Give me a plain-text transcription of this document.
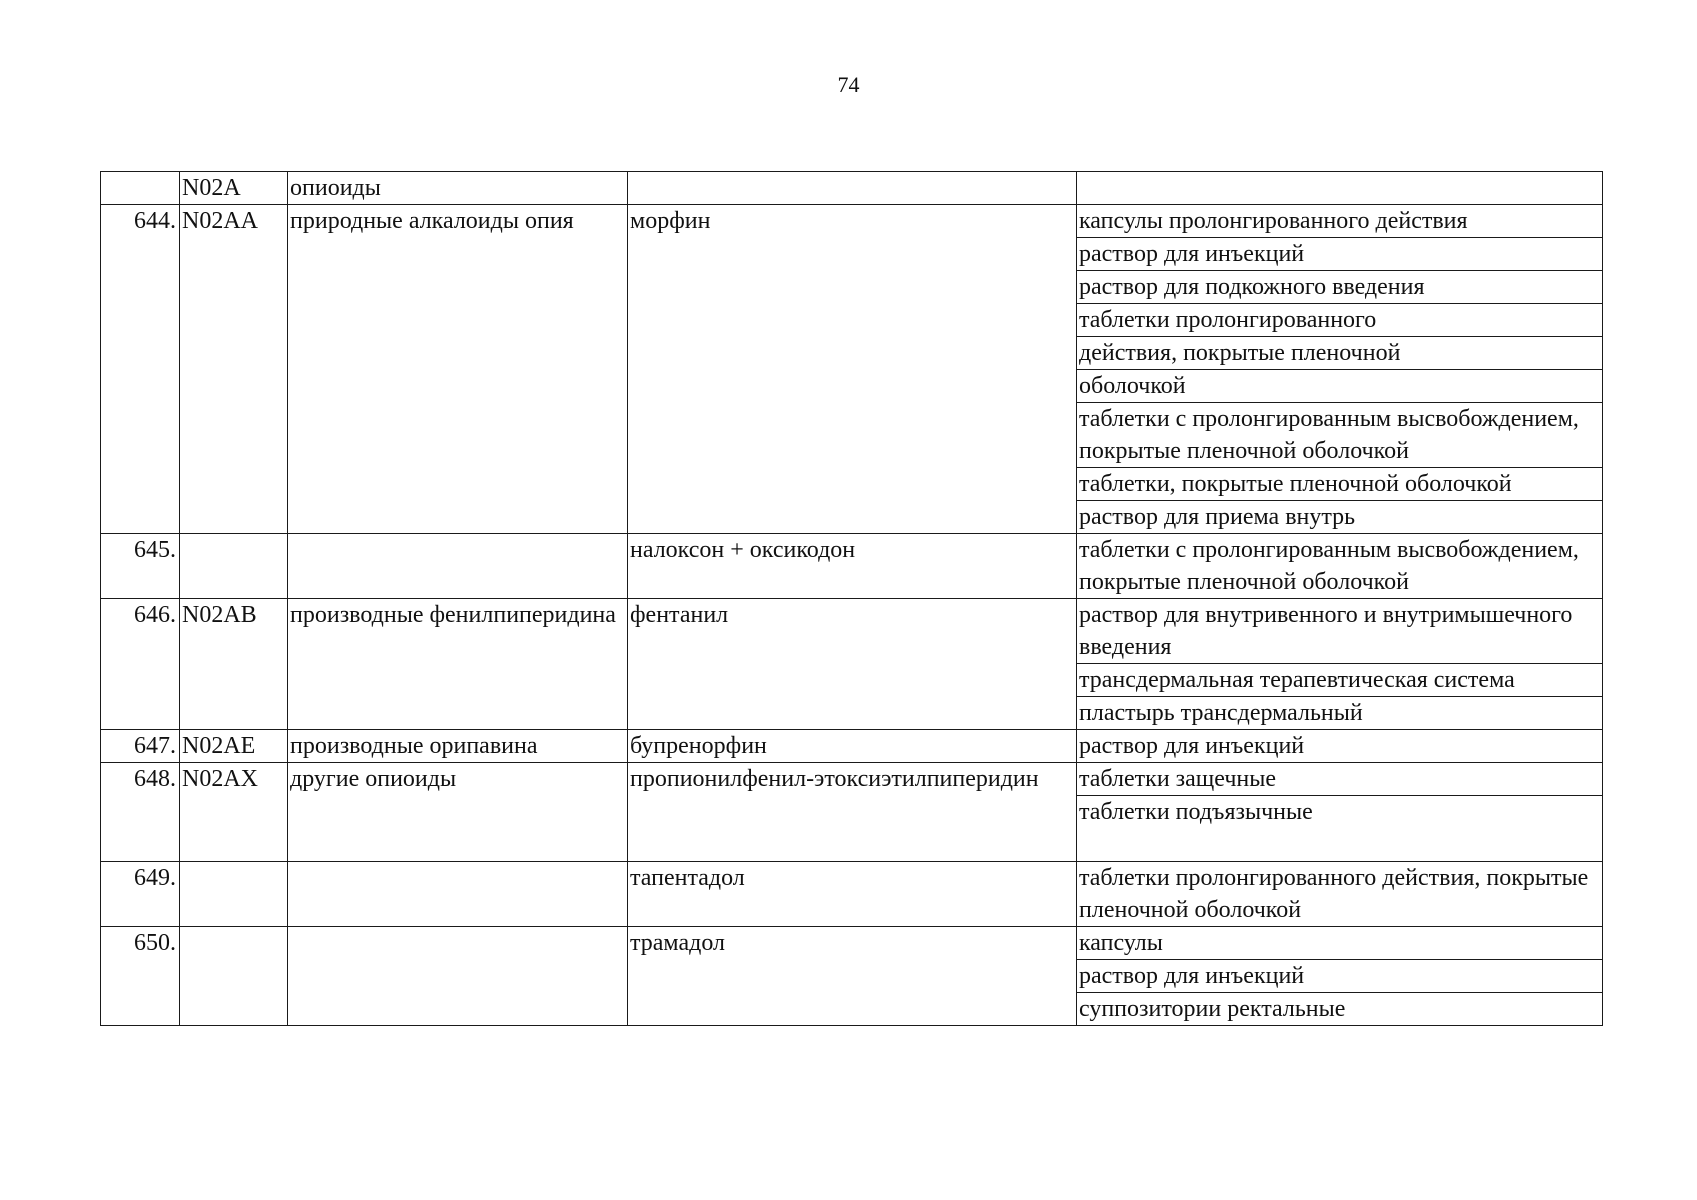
74
	N02A	опиоиды		
644.	N02AA	природные алкалоиды опия	морфин	капсулы пролонгированного действия
				раствор для инъекций
				раствор для подкожного введения
				таблетки пролонгированного
				действия, покрытые пленочной
				оболочкой
				таблетки с пролонгированным высвобождением, покрытые пленочной оболочкой
				таблетки, покрытые пленочной оболочкой
				раствор для приема внутрь
645.			налоксон + оксикодон	таблетки с пролонгированным высвобождением, покрытые пленочной оболочкой
646.	N02AB	производные фенилпиперидина	фентанил	раствор для внутривенного и внутримышечного введения
				трансдермальная терапевтическая система
				пластырь трансдермальный
647.	N02AE	производные орипавина	бупренорфин	раствор для инъекций
648.	N02AX	другие опиоиды	пропионилфенил-этоксиэтилпиперидин	таблетки защечные
				таблетки подъязычные
649.			тапентадол	таблетки пролонгированного действия, покрытые пленочной оболочкой
650.			трамадол	капсулы
				раствор для инъекций
				суппозитории ректальные
